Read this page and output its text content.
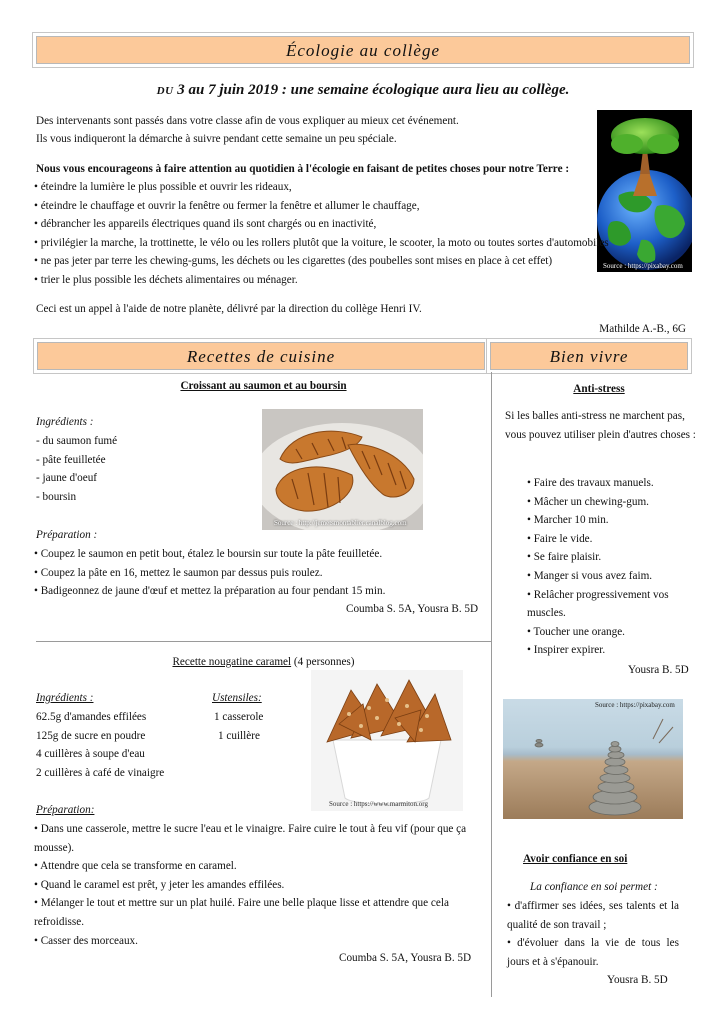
Écologie au collège
DU 3 au 7 juin 2019 : une semaine écologique aura lieu au collège.
Des intervenants sont passés dans votre classe afin de vous expliquer au mieux cet événement.
Ils vous indiqueront la démarche à suivre pendant cette semaine un peu spéciale.
Nous vous encourageons à faire attention au quotidien à l'écologie en faisant de petites choses pour notre Terre :
Source : https://pixabay.com
• éteindre la lumière le plus possible et ouvrir les rideaux,
• éteindre le chauffage et ouvrir la fenêtre ou fermer la fenêtre et allumer le chauffage,
• débrancher les appareils électriques quand ils sont chargés ou en inactivité,
• privilégier la marche, la trottinette, le vélo ou les rollers plutôt que la voiture, le scooter, la moto ou toutes sortes d'automobiles
• ne pas jeter par terre les chewing-gums, les déchets ou les cigarettes (des poubelles sont mises en place à cet effet)
• trier le plus possible les déchets alimentaires ou ménager.
Ceci est un appel à l'aide de notre planète, délivré par la direction du collège Henri IV.
Mathilde A.-B., 6G
Recettes de cuisine	Bien vivre
Croissant au saumon et au boursin
Ingrédients :
- du saumon fumé
- pâte feuilletée
- jaune d'oeuf
- boursin
Source : http://jemetsmontablier.canalblog.com
Préparation :
• Coupez le saumon en petit bout, étalez le boursin sur toute la pâte feuilletée.
• Coupez la pâte en 16, mettez le saumon par dessus puis roulez.
• Badigeonnez de jaune d'œuf et mettez la préparation au four pendant 15 min.
Coumba S. 5A, Yousra B. 5D
Recette nougatine caramel (4 personnes)
Ingrédients :	Ustensiles:
62.5g d'amandes effilées
125g de sucre en poudre
4 cuillères à soupe d'eau
2 cuillères à café de vinaigre
1 casserole
1 cuillère
Source : https://www.marmiton.org
Préparation:
• Dans une casserole, mettre le sucre l'eau et le vinaigre. Faire cuire le tout à feu vif (pour que ça mousse).
• Attendre que cela se transforme en caramel.
• Quand le caramel est prêt, y jeter les amandes effilées.
• Mélanger le tout et mettre sur un plat huilé. Faire une belle plaque lisse et attendre que cela refroidisse.
• Casser des morceaux.
Coumba S. 5A, Yousra B. 5D
Anti-stress
Si les balles anti-stress ne marchent pas, vous pouvez utiliser plein d'autres choses :
• Faire des travaux manuels.
• Mâcher un chewing-gum.
• Marcher 10 min.
• Faire le vide.
• Se faire plaisir.
• Manger si vous avez faim.
• Relâcher progressivement vos muscles.
• Toucher une orange.
• Inspirer expirer.
Yousra B. 5D
Source : https://pixabay.com
Avoir confiance en soi
La confiance en soi permet :
• d'affirmer ses idées, ses talents et la qualité de son travail ;
• d'évoluer dans la vie de tous les jours et à s'épanouir.
Yousra B. 5D
